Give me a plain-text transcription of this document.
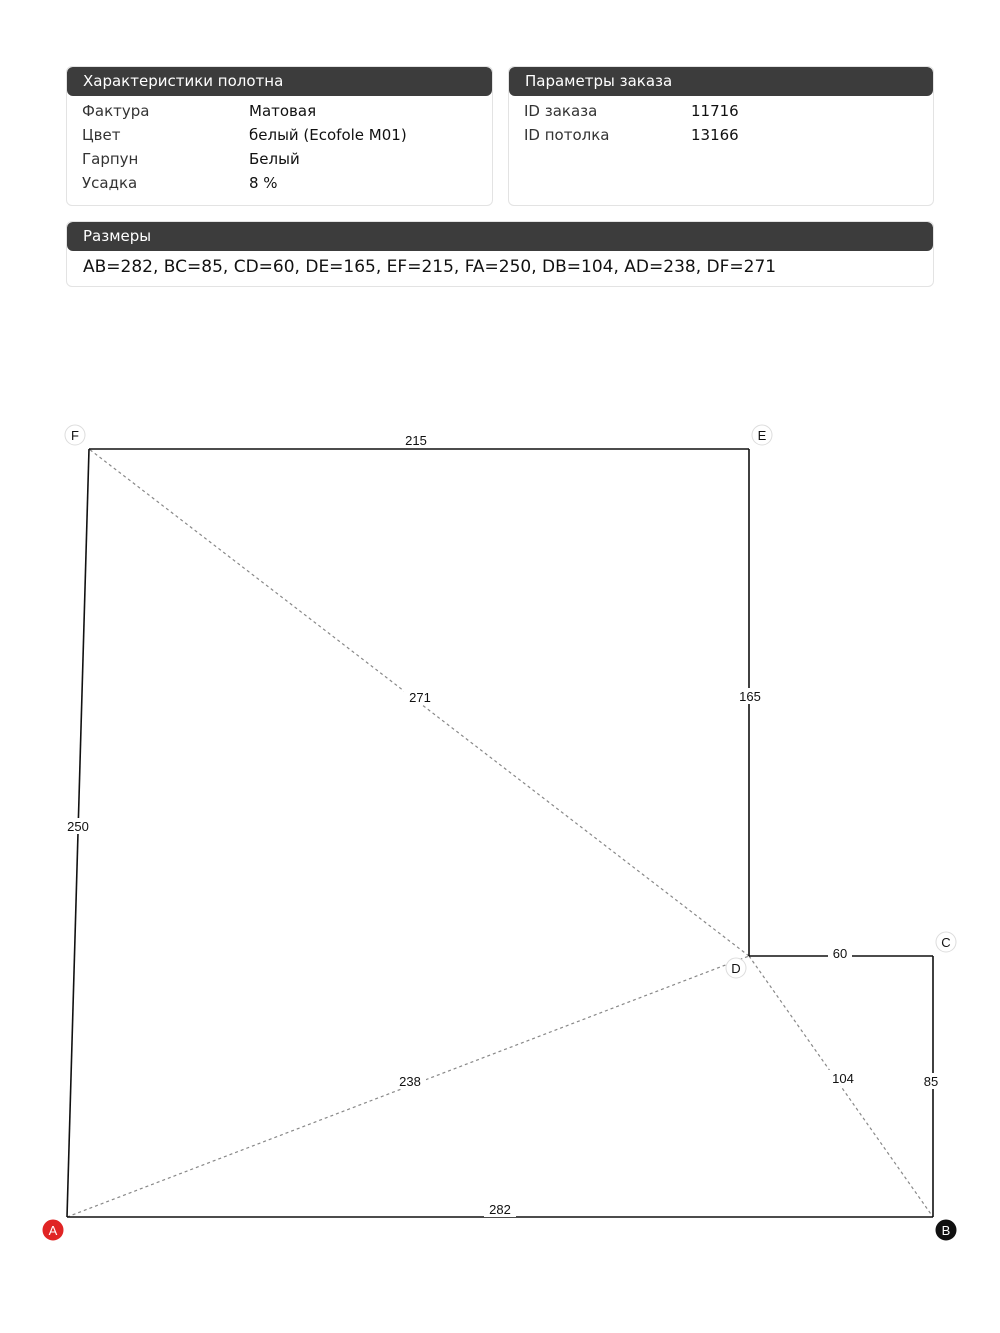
Характеристики полотна
Фактура	Матовая
Цвет	белый (Ecofole M01)
Гарпун	Белый
Усадка	8 %
Параметры заказа
ID заказа	11716
ID потолка	13166
Размеры
AB=282, BC=85, CD=60, DE=165, EF=215, FA=250, DB=104, AD=238, DF=271
104
238
271
282
85
60
165
215
250
A	B
C
D
E
F
